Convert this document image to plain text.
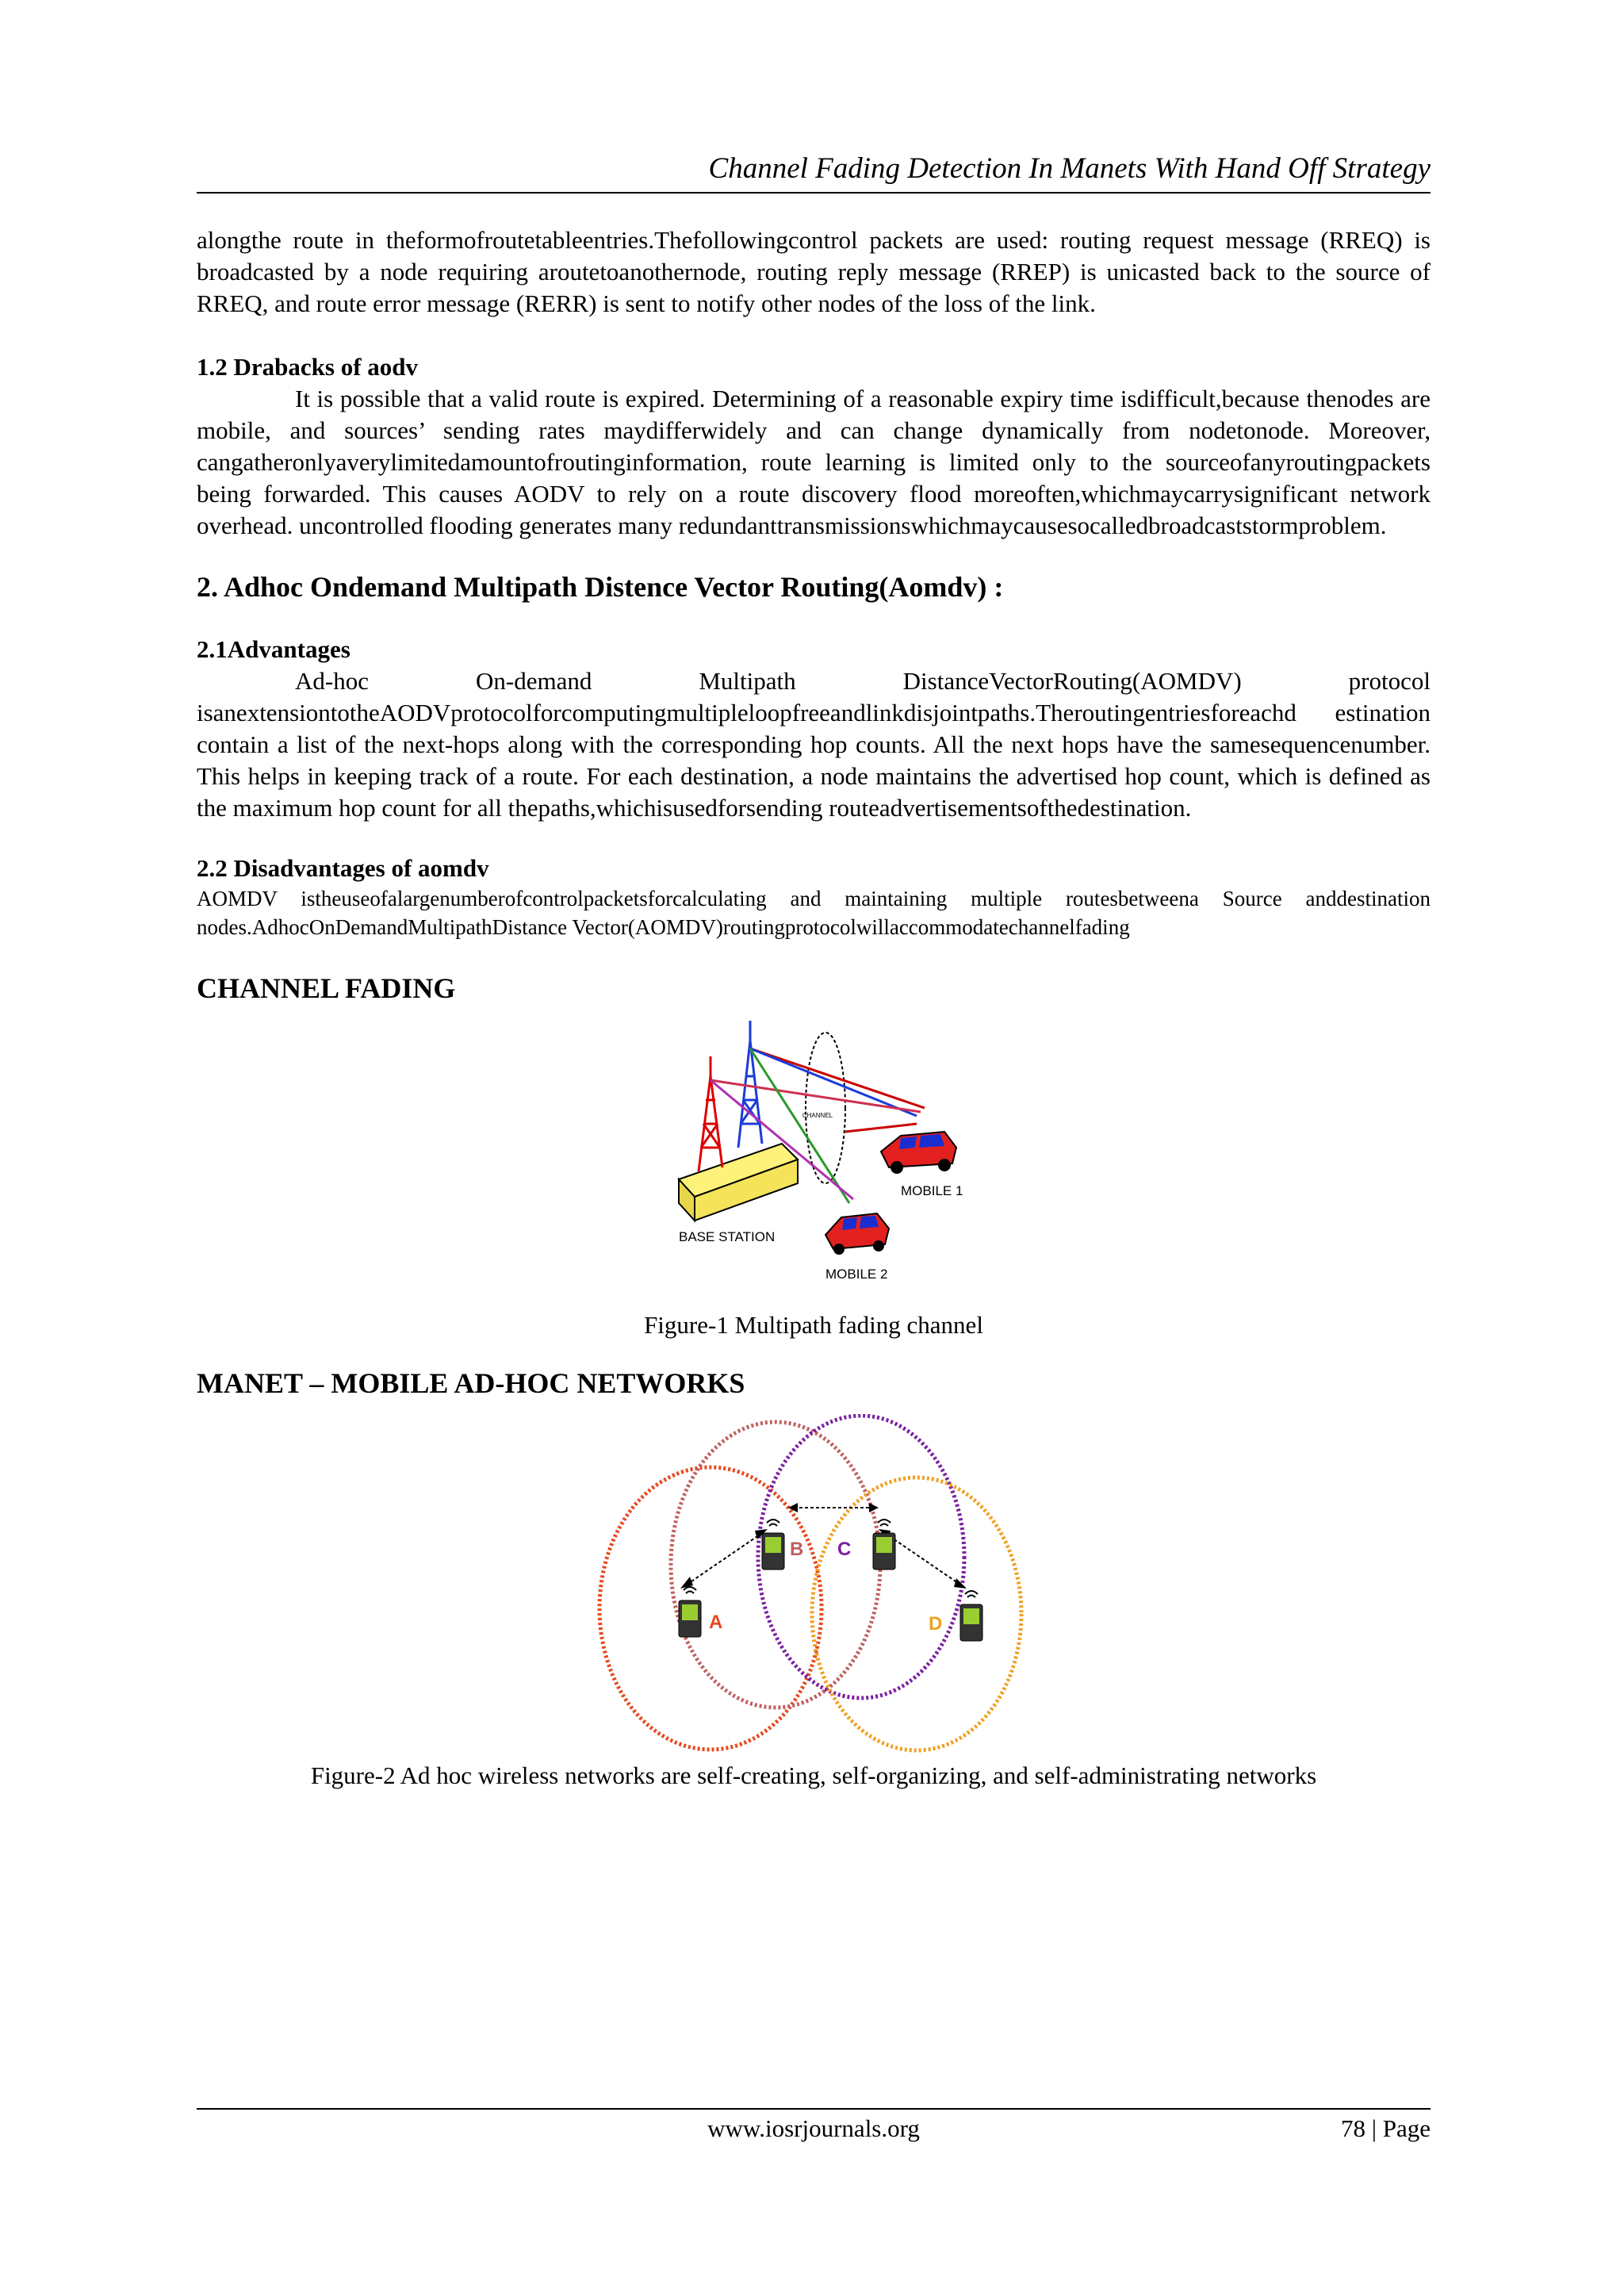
Channel Fading Detection In Manets With Hand Off Strategy

alongthe route in theformofroutetableentries.Thefollowingcontrol packets are used: routing request message (RREQ) is broadcasted by a node requiring aroutetoanothernode, routing reply message (RREP) is unicasted back to the source of RREQ, and route error message (RERR) is sent to notify other nodes of the loss of the link.

1.2 Drabacks of aodv

It is possible that a valid route is expired. Determining of a reasonable expiry time isdifficult,because thenodes are mobile, and sources’ sending rates maydifferwidely and can change dynamically from nodetonode. Moreover, cangatheronlyaverylimitedamountofroutinginformation, route learning is limited only to the sourceofanyroutingpackets being forwarded. This causes AODV to rely on a route discovery flood moreoften,whichmaycarrysignificant network overhead. uncontrolled flooding generates many redundanttransmissionswhichmaycausesocalledbroadcaststormproblem.

2. Adhoc Ondemand Multipath Distence Vector Routing(Aomdv) :
2.1Advantages

Ad-hoc On-demand Multipath DistanceVectorRouting(AOMDV) protocol isanextensiontotheAODVprotocolforcomputingmultipleloopfreeandlinkdisjointpaths.Theroutingentriesforeachd estination contain a list of the next-hops along with the corresponding hop counts. All the next hops have the samesequencenumber. This helps in keeping track of a route. For each destination, a node maintains the advertised hop count, which is defined as the maximum hop count for all thepaths,whichisusedforsending routeadvertisementsofthedestination.

2.2 Disadvantages of aomdv

AOMDV istheuseofalargenumberofcontrolpacketsforcalculating and maintaining multiple routesbetweena Source anddestination nodes.AdhocOnDemandMultipathDistance Vector(AOMDV)routingprotocolwillaccommodatechannelfading

CHANNEL FADING
CHANNEL
MOBILE 1
BASE STATION
MOBILE 2

Figure-1 Multipath fading channel

MANET – MOBILE AD-HOC NETWORKS
A
B C
D

Figure-2 Ad hoc wireless networks are self-creating, self-organizing, and self-administrating networks

www.iosrjournals.org	78 | Page
